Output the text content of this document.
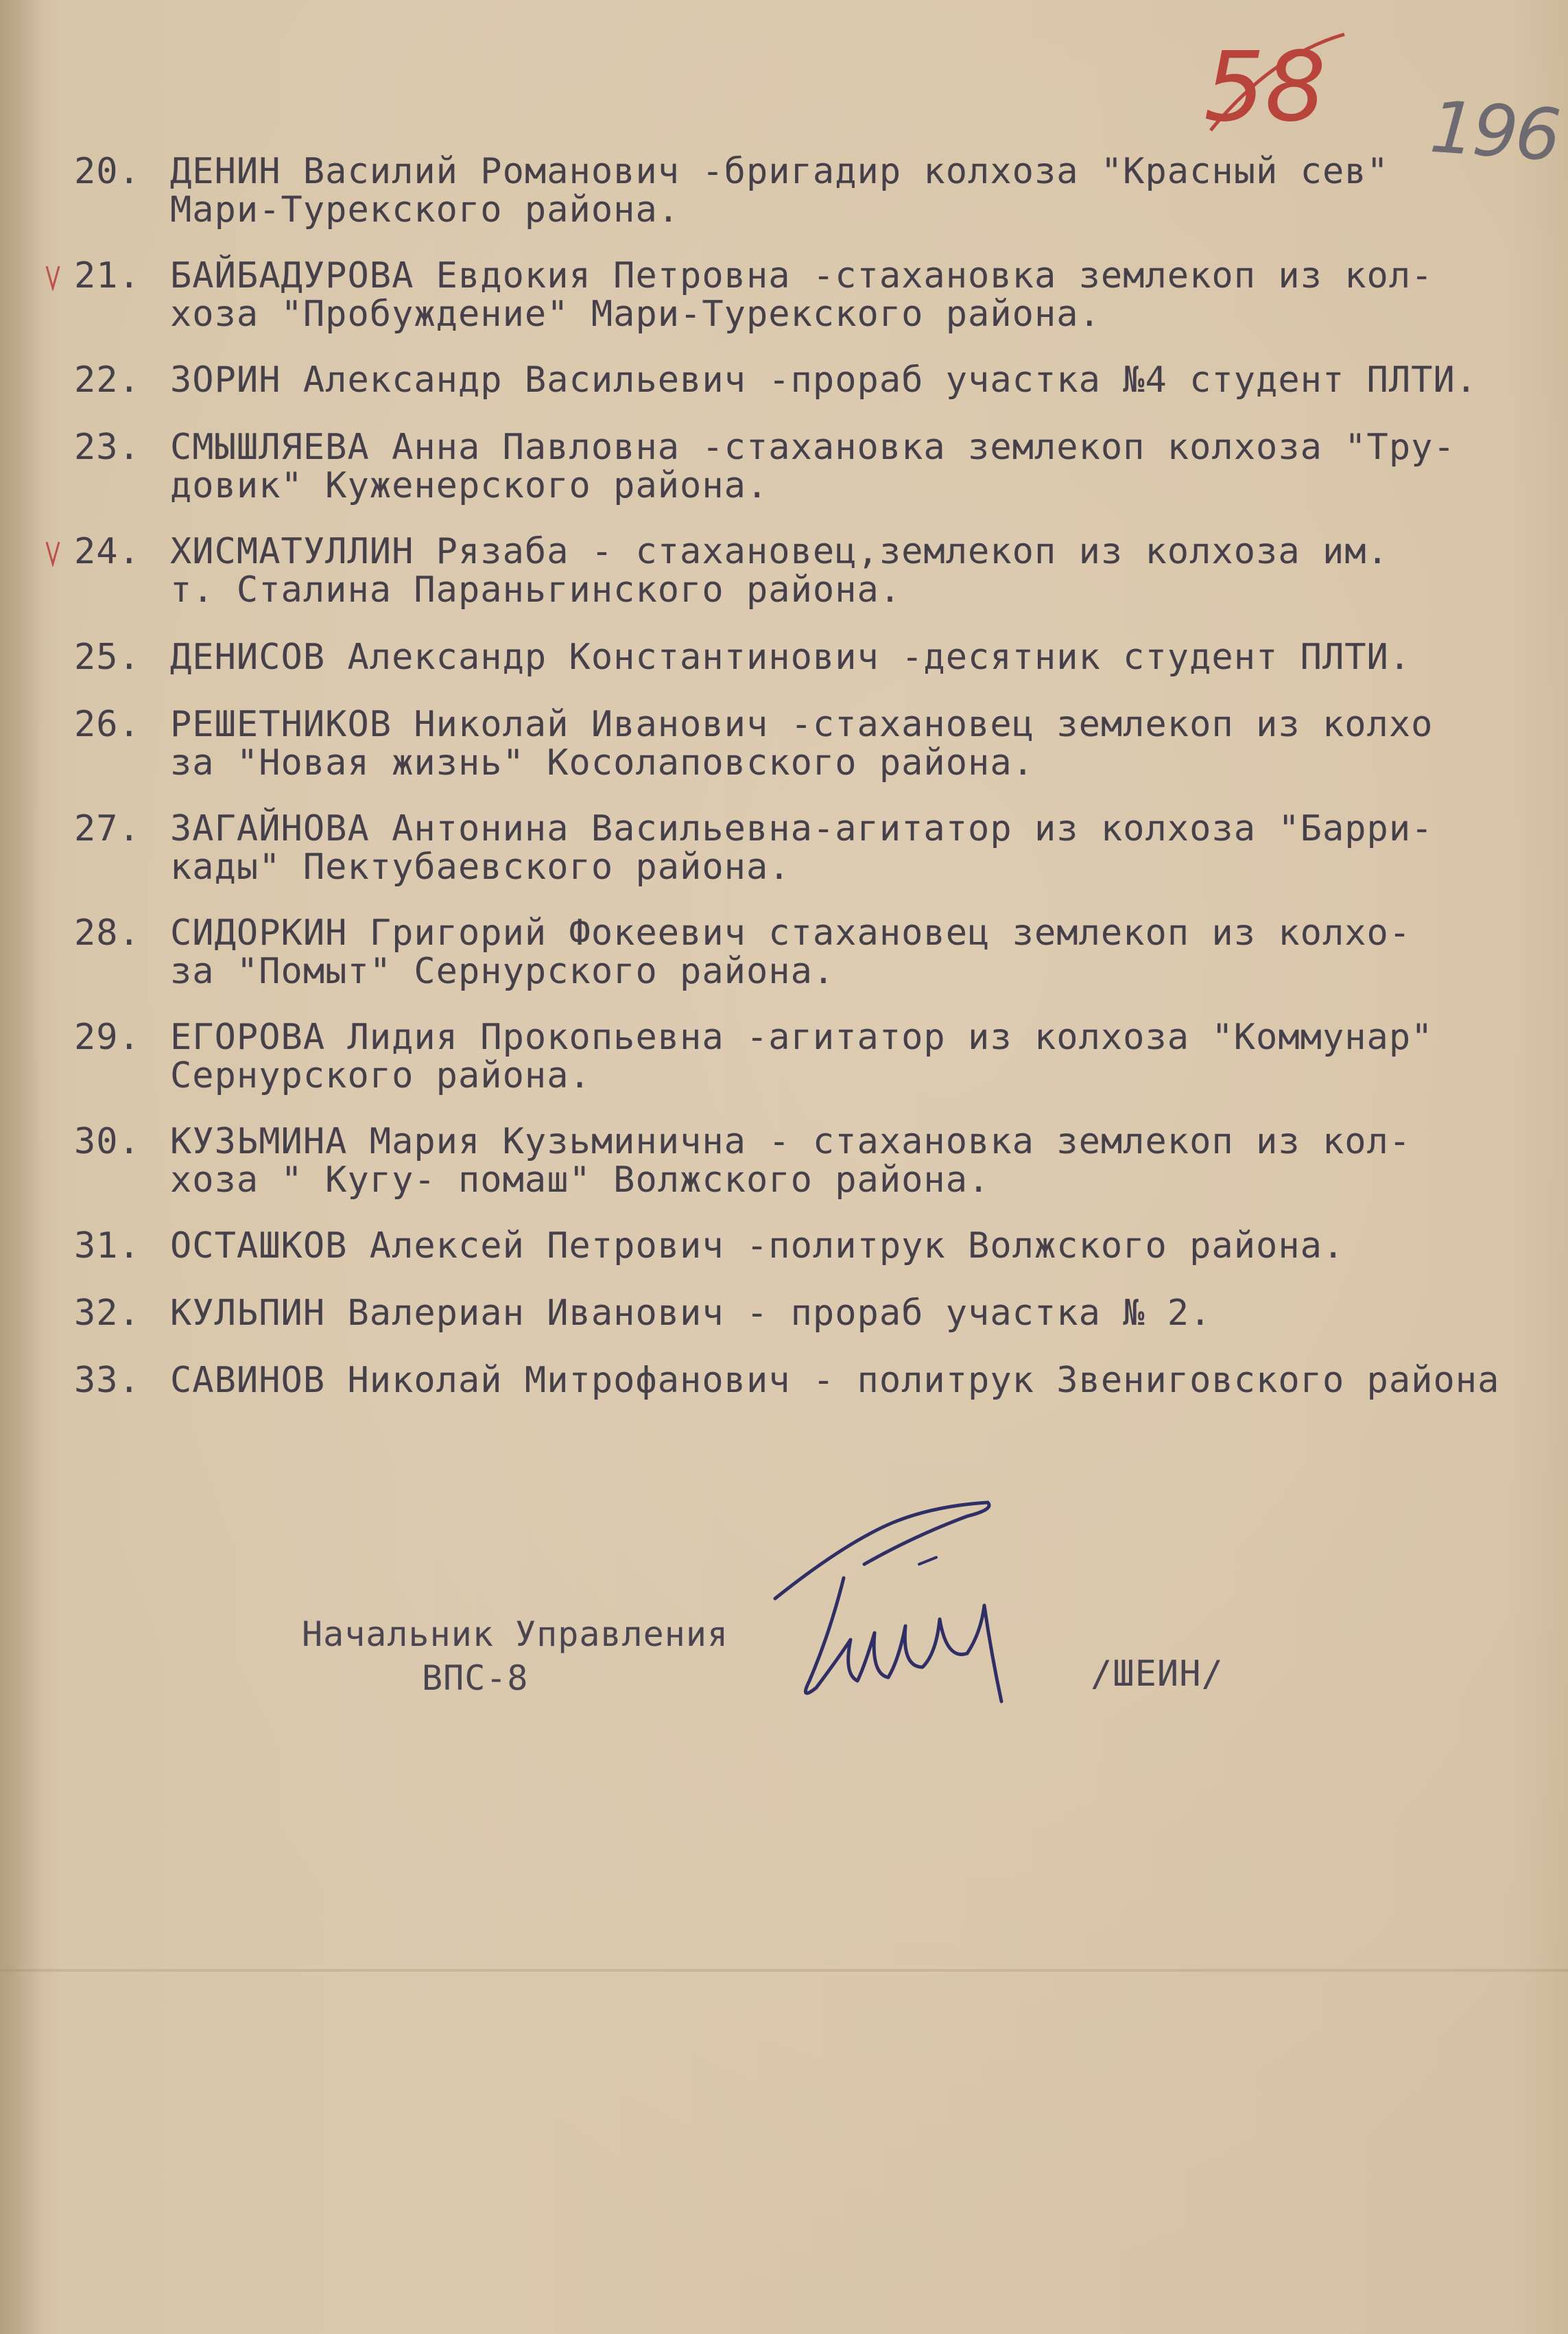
58 196
20. ДЕНИН Василий Романович -бригадир колхоза "Красный сев"
Мари-Турекского района.
21. БАЙБАДУРОВА Евдокия Петровна -стахановка землекоп из кол-
хоза "Пробуждение" Мари-Турекского района.
22. ЗОРИН Александр Васильевич -прораб участка №4 студент ПЛТИ.
23. СМЫШЛЯЕВА Анна Павловна -стахановка землекоп колхоза "Тру-
довик" Куженерского района.
24. ХИСМАТУЛЛИН Рязаба - стахановец,землекоп из колхоза им.
т. Сталина Параньгинского района.
25. ДЕНИСОВ Александр Константинович -десятник студент ПЛТИ.
26. РЕШЕТНИКОВ Николай Иванович -стахановец землекоп из колхо
за "Новая жизнь" Косолаповского района.
27. ЗАГАЙНОВА Антонина Васильевна-агитатор из колхоза "Барри-
кады" Пектубаевского района.
28. СИДОРКИН Григорий Фокеевич стахановец землекоп из колхо-
за "Помыт" Сернурского района.
29. ЕГОРОВА Лидия Прокопьевна -агитатор из колхоза "Коммунар"
Сернурского района.
30. КУЗЬМИНА Мария Кузьминична - стахановка землекоп из кол-
хоза " Кугу- помаш" Волжского района.
31. ОСТАШКОВ Алексей Петрович -политрук Волжского района.
32. КУЛЬПИН Валериан Иванович - прораб участка № 2.
33. САВИНОВ Николай Митрофанович - политрук Звениговского района
Начальник Управления
ВПС-8	/ШЕИН/
